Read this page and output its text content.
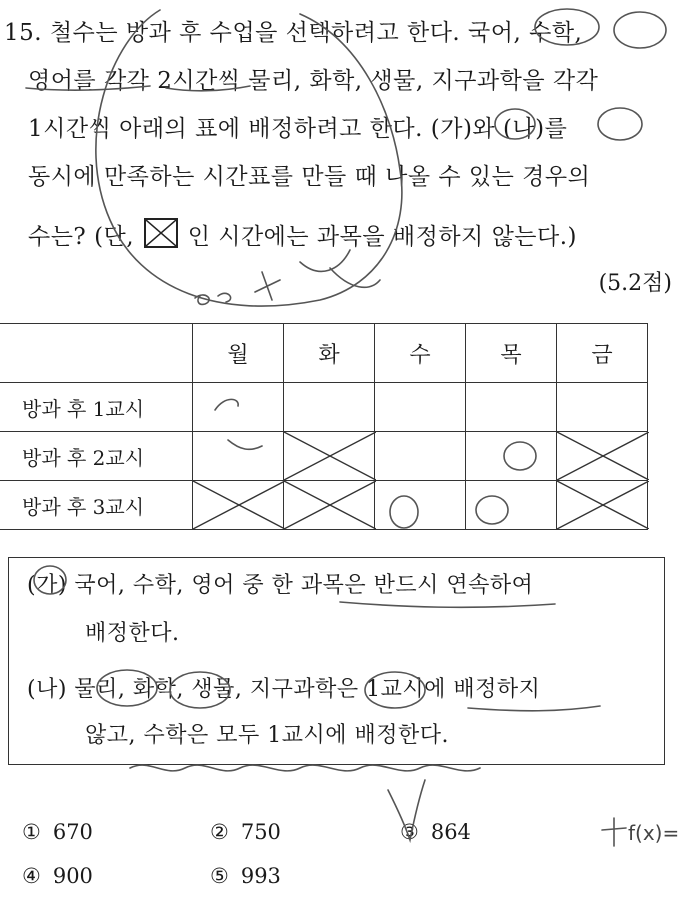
15. 철수는 방과 후 수업을 선택하려고 한다. 국어, 수학,
영어를 각각 2시간씩 물리, 화학, 생물, 지구과학을 각각
1시간씩 아래의 표에 배정하려고 한다. (가)와 (나)를
동시에 만족하는 시간표를 만들 때 나올 수 있는 경우의
수는? (단, 인 시간에는 과목을 배정하지 않는다.)
(5.2점)
	월	화	수	목	금
방과 후 1교시					
방과 후 2교시		

방과 후 3교시	

(가) 국어, 수학, 영어 중 한 과목은 반드시 연속하여
배정한다.
(나) 물리, 화학, 생물, 지구과학은 1교시에 배정하지
않고, 수학은 모두 1교시에 배정한다.
① 670	② 750	③ 864
④ 900	⑤ 993
f(x)=
